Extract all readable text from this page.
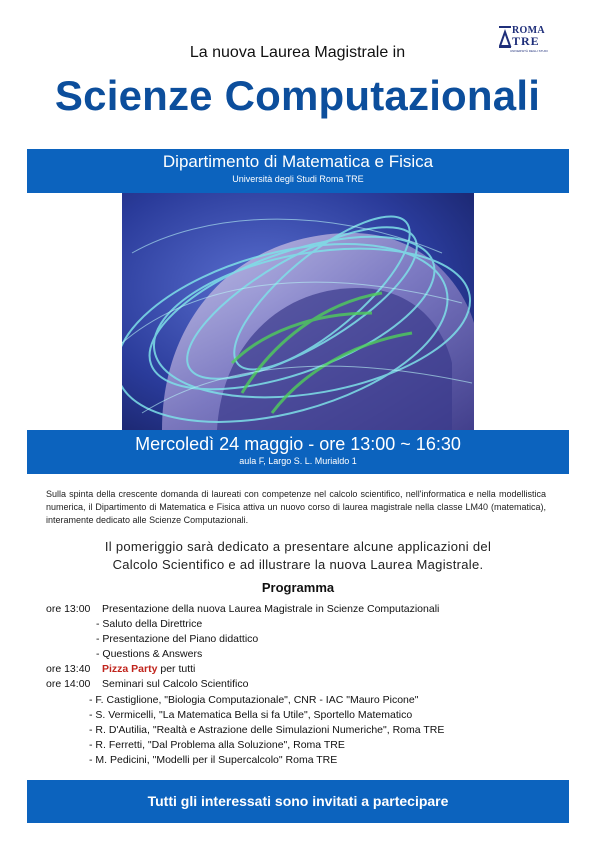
ROMA
TRE
UNIVERSITÀ DEGLI STUDI
La nuova Laurea Magistrale in
Scienze Computazionali
Dipartimento di Matematica e Fisica
Università degli Studi Roma TRE
Mercoledì 24 maggio - ore 13:00 ~ 16:30
aula F, Largo S. L. Murialdo 1
Sulla spinta della crescente domanda di laureati con competenze nel calcolo scientifico, nell'informatica e nella modellistica numerica, il Dipartimento di Matematica e Fisica attiva un nuovo corso di laurea magistrale nella classe LM40 (matematica), interamente dedicato alle Scienze Computazionali.
Il pomeriggio sarà dedicato a presentare alcune applicazioni del
Calcolo Scientifico e ad illustrare la nuova Laurea Magistrale.
Programma
ore 13:00 Presentazione della nuova Laurea Magistrale in Scienze Computazionali
- Saluto della Direttrice
- Presentazione del Piano didattico
- Questions & Answers
ore 13:40 Pizza Party per tutti
ore 14:00 Seminari sul Calcolo Scientifico
- F. Castiglione, "Biologia Computazionale", CNR - IAC "Mauro Picone"
- S. Vermicelli, "La Matematica Bella si fa Utile", Sportello Matematico
- R. D'Autilia, "Realtà e Astrazione delle Simulazioni Numeriche", Roma TRE
- R. Ferretti, "Dal Problema alla Soluzione", Roma TRE
- M. Pedicini, "Modelli per il Supercalcolo" Roma TRE
Tutti gli interessati sono invitati a partecipare
